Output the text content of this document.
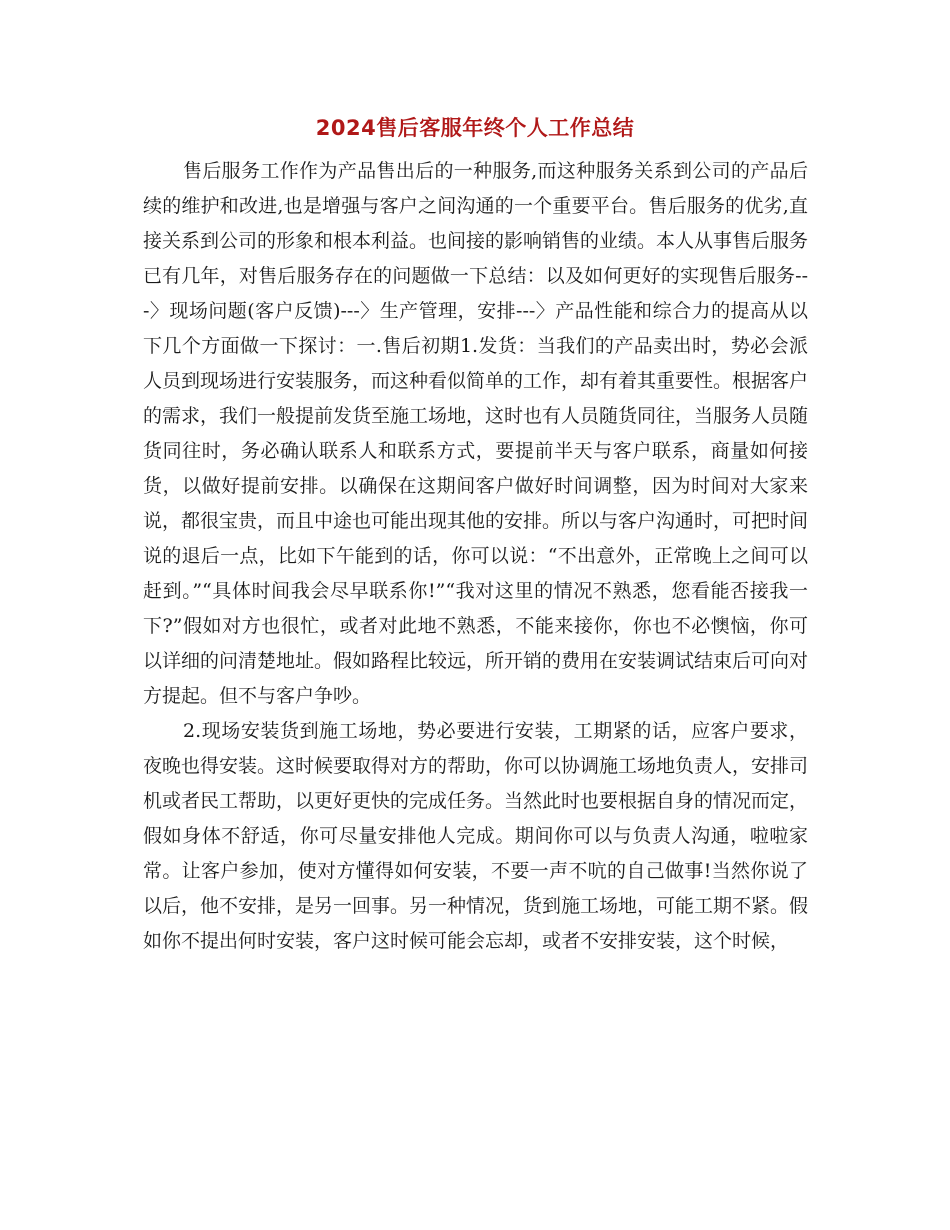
2024售后客服年终个人工作总结

售后服务工作作为产品售出后的一种服务,而这种服务关系到公司的产品后续的维护和改进,也是增强与客户之间沟通的一个重要平台。售后服务的优劣,直接关系到公司的形象和根本利益。也间接的影响销售的业绩。本人从事售后服务已有几年，对售后服务存在的问题做一下总结：以及如何更好的实现售后服务---〉现场问题(客户反馈)---〉生产管理，安排---〉产品性能和综合力的提高从以下几个方面做一下探讨：一.售后初期1.发货：当我们的产品卖出时，势必会派人员到现场进行安装服务，而这种看似简单的工作，却有着其重要性。根据客户的需求，我们一般提前发货至施工场地，这时也有人员随货同往，当服务人员随货同往时，务必确认联系人和联系方式，要提前半天与客户联系，商量如何接货，以做好提前安排。以确保在这期间客户做好时间调整，因为时间对大家来说，都很宝贵，而且中途也可能出现其他的安排。所以与客户沟通时，可把时间说的退后一点，比如下午能到的话，你可以说：“不出意外，正常晚上之间可以赶到。”“具体时间我会尽早联系你!”“我对这里的情况不熟悉，您看能否接我一下?”假如对方也很忙，或者对此地不熟悉，不能来接你，你也不必懊恼，你可以详细的问清楚地址。假如路程比较远，所开销的费用在安装调试结束后可向对方提起。但不与客户争吵。

2.现场安装货到施工场地，势必要进行安装，工期紧的话，应客户要求，夜晚也得安装。这时候要取得对方的帮助，你可以协调施工场地负责人，安排司机或者民工帮助，以更好更快的完成任务。当然此时也要根据自身的情况而定，假如身体不舒适，你可尽量安排他人完成。期间你可以与负责人沟通，啦啦家常。让客户参加，使对方懂得如何安装，不要一声不吭的自己做事!当然你说了以后，他不安排，是另一回事。另一种情况，货到施工场地，可能工期不紧。假如你不提出何时安装，客户这时候可能会忘却，或者不安排安装，这个时候，
